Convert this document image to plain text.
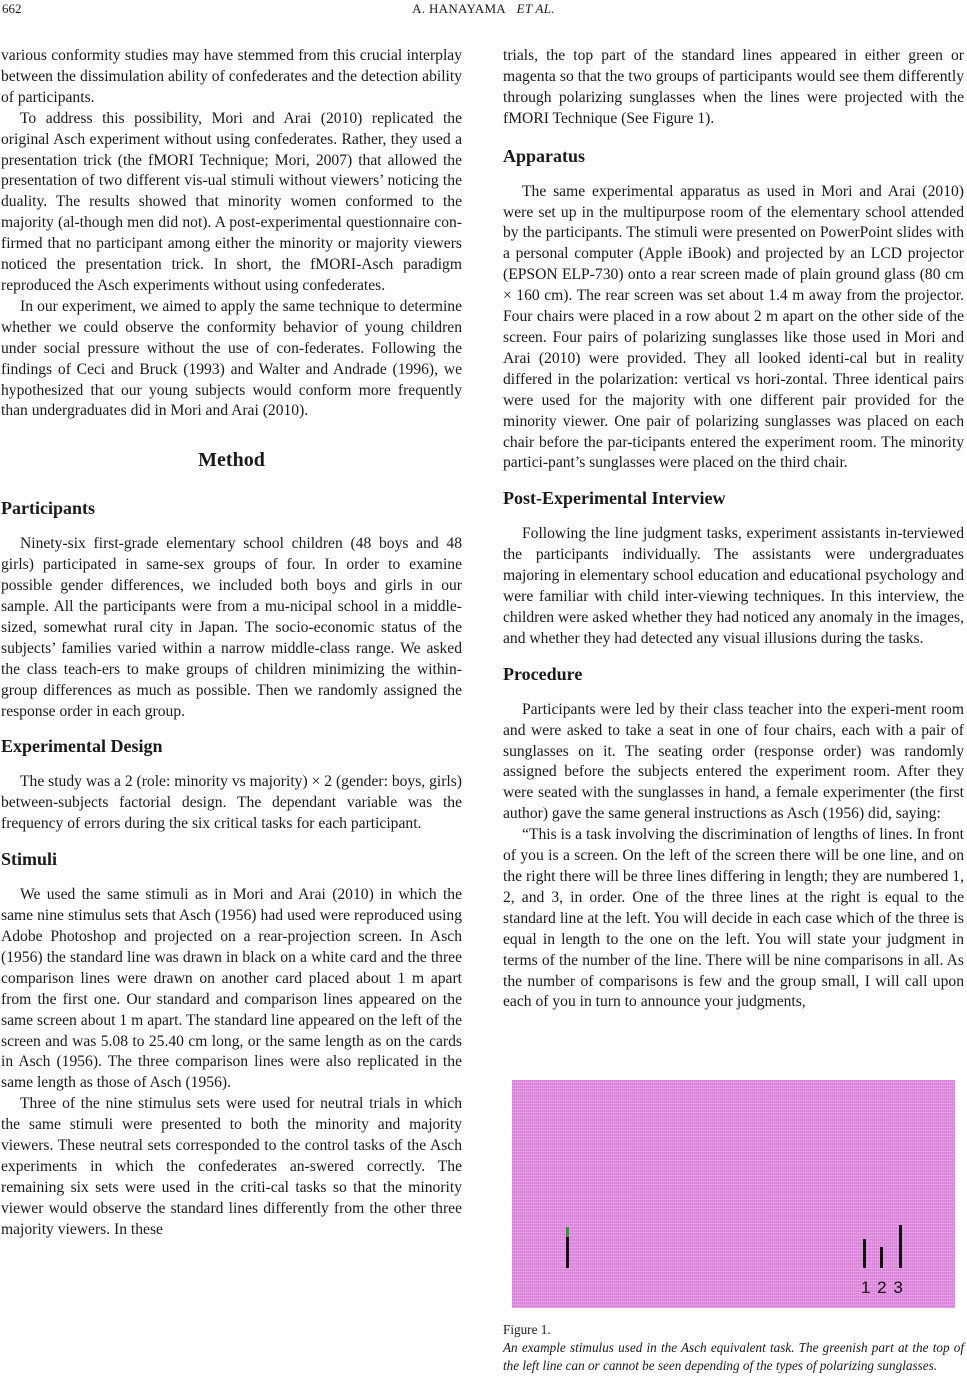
662	A. HANAYAMA ET AL.

various conformity studies may have stemmed from this crucial interplay between the dissimulation ability of confederates and the detection ability of participants.

To address this possibility, Mori and Arai (2010) replicated the original Asch experiment without using confederates. Rather, they used a presentation trick (the fMORI Technique; Mori, 2007) that allowed the presentation of two different vis-ual stimuli without viewers’ noticing the duality. The results showed that minority women conformed to the majority (al-though men did not). A post-experimental questionnaire con-firmed that no participant among either the minority or majority viewers noticed the presentation trick. In short, the fMORI-Asch paradigm reproduced the Asch experiments without using confederates.

In our experiment, we aimed to apply the same technique to determine whether we could observe the conformity behavior of young children under social pressure without the use of con-federates. Following the findings of Ceci and Bruck (1993) and Walter and Andrade (1996), we hypothesized that our young subjects would conform more frequently than undergraduates did in Mori and Arai (2010).

Method
Participants

Ninety-six first-grade elementary school children (48 boys and 48 girls) participated in same-sex groups of four. In order to examine possible gender differences, we included both boys and girls in our sample. All the participants were from a mu-nicipal school in a middle-sized, somewhat rural city in Japan. The socio-economic status of the subjects’ families varied within a narrow middle-class range. We asked the class teach-ers to make groups of children minimizing the within-group differences as much as possible. Then we randomly assigned the response order in each group.

Experimental Design

The study was a 2 (role: minority vs majority) × 2 (gender: boys, girls) between-subjects factorial design. The dependant variable was the frequency of errors during the six critical tasks for each participant.

Stimuli

We used the same stimuli as in Mori and Arai (2010) in which the same nine stimulus sets that Asch (1956) had used were reproduced using Adobe Photoshop and projected on a rear-projection screen. In Asch (1956) the standard line was drawn in black on a white card and the three comparison lines were drawn on another card placed about 1 m apart from the first one. Our standard and comparison lines appeared on the same screen about 1 m apart. The standard line appeared on the left of the screen and was 5.08 to 25.40 cm long, or the same length as on the cards in Asch (1956). The three comparison lines were also replicated in the same length as those of Asch (1956).

Three of the nine stimulus sets were used for neutral trials in which the same stimuli were presented to both the minority and majority viewers. These neutral sets corresponded to the control tasks of the Asch experiments in which the confederates an-swered correctly. The remaining six sets were used in the criti-cal tasks so that the minority viewer would observe the standard lines differently from the other three majority viewers. In these

trials, the top part of the standard lines appeared in either green or magenta so that the two groups of participants would see them differently through polarizing sunglasses when the lines were projected with the fMORI Technique (See Figure 1).

Apparatus

The same experimental apparatus as used in Mori and Arai (2010) were set up in the multipurpose room of the elementary school attended by the participants. The stimuli were presented on PowerPoint slides with a personal computer (Apple iBook) and projected by an LCD projector (EPSON ELP-730) onto a rear screen made of plain ground glass (80 cm × 160 cm). The rear screen was set about 1.4 m away from the projector. Four chairs were placed in a row about 2 m apart on the other side of the screen. Four pairs of polarizing sunglasses like those used in Mori and Arai (2010) were provided. They all looked identi-cal but in reality differed in the polarization: vertical vs hori-zontal. Three identical pairs were used for the majority with one different pair provided for the minority viewer. One pair of polarizing sunglasses was placed on each chair before the par-ticipants entered the experiment room. The minority partici-pant’s sunglasses were placed on the third chair.

Post-Experimental Interview

Following the line judgment tasks, experiment assistants in-terviewed the participants individually. The assistants were undergraduates majoring in elementary school education and educational psychology and were familiar with child inter-viewing techniques. In this interview, the children were asked whether they had noticed any anomaly in the images, and whether they had detected any visual illusions during the tasks.

Procedure

Participants were led by their class teacher into the experi-ment room and were asked to take a seat in one of four chairs, each with a pair of sunglasses on it. The seating order (response order) was randomly assigned before the subjects entered the experiment room. After they were seated with the sunglasses in hand, a female experimenter (the first author) gave the same general instructions as Asch (1956) did, saying:

“This is a task involving the discrimination of lengths of lines. In front of you is a screen. On the left of the screen there will be one line, and on the right there will be three lines differing in length; they are numbered 1, 2, and 3, in order. One of the three lines at the right is equal to the standard line at the left. You will decide in each case which of the three is equal in length to the one on the left. You will state your judgment in terms of the number of the line. There will be nine comparisons in all. As the number of comparisons is few and the group small, I will call upon each of you in turn to announce your judgments,

1 2 3
Figure 1.
An example stimulus used in the Asch equivalent task. The greenish part at the top of the left line can or cannot be seen depending of the types of polarizing sunglasses.
